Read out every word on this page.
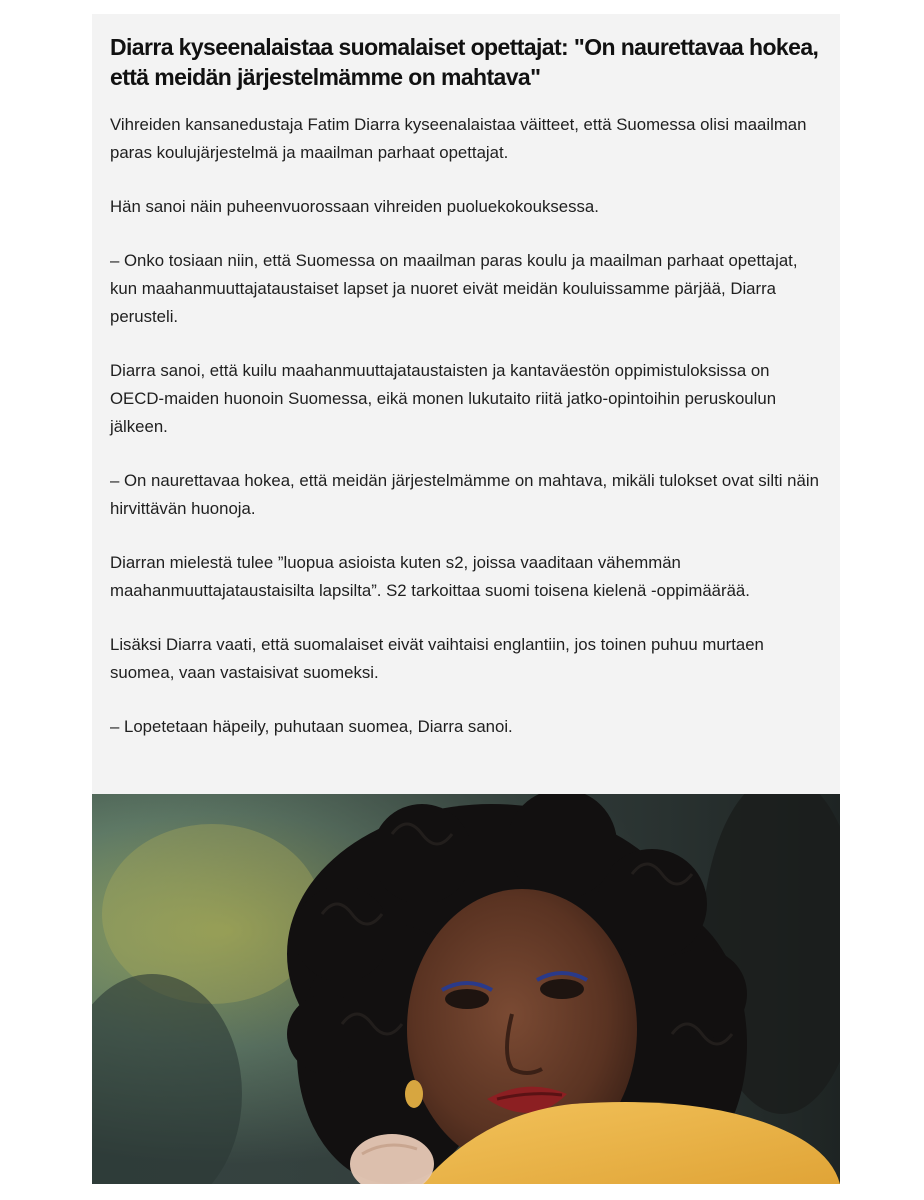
Diarra kyseenalaistaa suomalaiset opettajat: "On naurettavaa hokea,
että meidän järjestelmämme on mahtava"

Vihreiden kansanedustaja Fatim Diarra kyseenalaistaa väitteet, että Suomessa olisi maailman paras koulujärjestelmä ja maailman parhaat opettajat.

Hän sanoi näin puheenvuorossaan vihreiden puoluekokouksessa.

– Onko tosiaan niin, että Suomessa on maailman paras koulu ja maailman parhaat opettajat, kun maahanmuuttajataustaiset lapset ja nuoret eivät meidän kouluissamme pärjää, Diarra perusteli.

Diarra sanoi, että kuilu maahanmuuttajataustaisten ja kantaväestön oppimistuloksissa on OECD-maiden huonoin Suomessa, eikä monen lukutaito riitä jatko-opintoihin peruskoulun jälkeen.

– On naurettavaa hokea, että meidän järjestelmämme on mahtava, mikäli tulokset ovat silti näin hirvittävän huonoja.

Diarran mielestä tulee ”luopua asioista kuten s2, joissa vaaditaan vähemmän maahanmuuttajataustaisilta lapsilta”. S2 tarkoittaa suomi toisena kielenä -oppimäärää.

Lisäksi Diarra vaati, että suomalaiset eivät vaihtaisi englantiin, jos toinen puhuu murtaen suomea, vaan vastaisivat suomeksi.

– Lopetetaan häpeily, puhutaan suomea, Diarra sanoi.
